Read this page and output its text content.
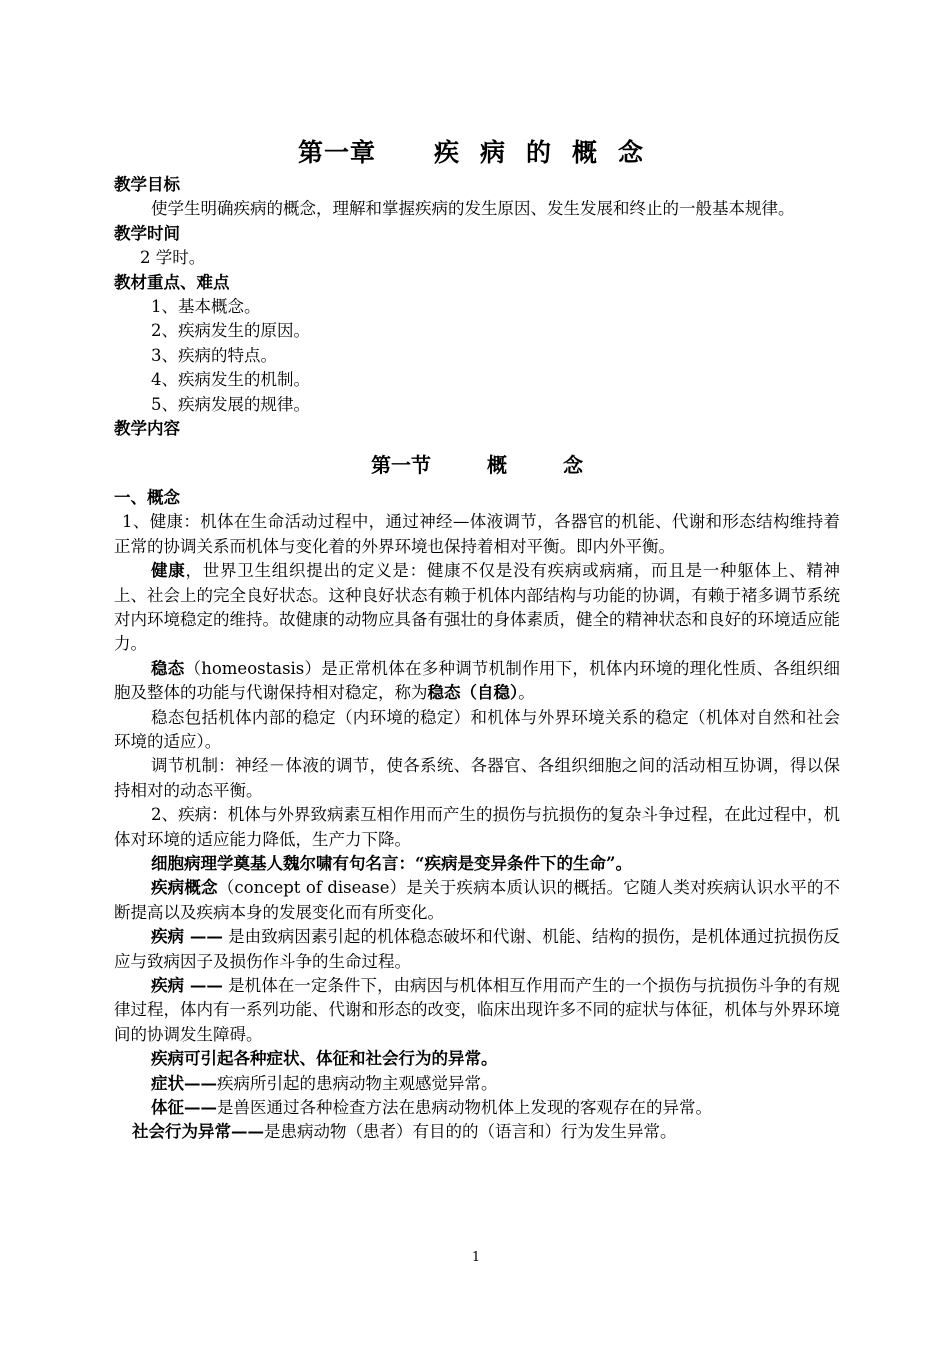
第一章 疾 病 的 概 念
教学目标
使学生明确疾病的概念，理解和掌握疾病的发生原因、发生发展和终止的一般基本规律。
教学时间
2 学时。
教材重点、难点
1、基本概念。
2、疾病发生的原因。
3、疾病的特点。
4、疾病发生的机制。
5、疾病发展的规律。
教学内容
第一节	概	念
一、概念
1、健康：机体在生命活动过程中，通过神经—体液调节，各器官的机能、代谢和形态结构维持着正常的协调关系而机体与变化着的外界环境也保持着相对平衡。即内外平衡。
健康，世界卫生组织提出的定义是：健康不仅是没有疾病或病痛，而且是一种躯体上、精神上、社会上的完全良好状态。这种良好状态有赖于机体内部结构与功能的协调，有赖于褚多调节系统对内环境稳定的维持。故健康的动物应具备有强壮的身体素质，健全的精神状态和良好的环境适应能力。
稳态（homeostasis）是正常机体在多种调节机制作用下，机体内环境的理化性质、各组织细胞及整体的功能与代谢保持相对稳定，称为稳态（自稳）。
稳态包括机体内部的稳定（内环境的稳定）和机体与外界环境关系的稳定（机体对自然和社会环境的适应）。
调节机制：神经－体液的调节，使各系统、各器官、各组织细胞之间的活动相互协调，得以保持相对的动态平衡。
2、疾病：机体与外界致病素互相作用而产生的损伤与抗损伤的复杂斗争过程，在此过程中，机体对环境的适应能力降低，生产力下降。
细胞病理学奠基人魏尔啸有句名言：“疾病是变异条件下的生命”。
疾病概念（concept of disease）是关于疾病本质认识的概括。它随人类对疾病认识水平的不断提高以及疾病本身的发展变化而有所变化。
疾病 —— 是由致病因素引起的机体稳态破坏和代谢、机能、结构的损伤，是机体通过抗损伤反应与致病因子及损伤作斗争的生命过程。
疾病 —— 是机体在一定条件下，由病因与机体相互作用而产生的一个损伤与抗损伤斗争的有规律过程，体内有一系列功能、代谢和形态的改变，临床出现许多不同的症状与体征，机体与外界环境间的协调发生障碍。
疾病可引起各种症状、体征和社会行为的异常。
症状——疾病所引起的患病动物主观感觉异常。
体征——是兽医通过各种检查方法在患病动物机体上发现的客观存在的异常。
社会行为异常——是患病动物（患者）有目的的（语言和）行为发生异常。
1
